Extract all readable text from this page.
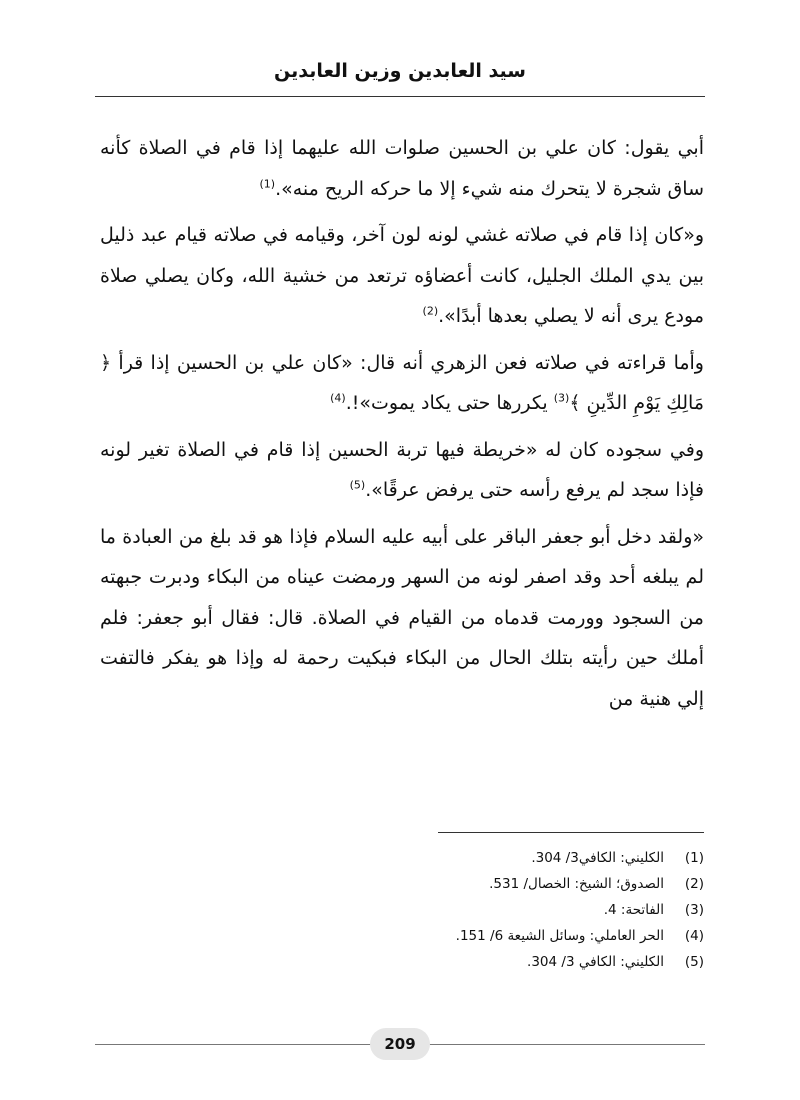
سيد العابدين وزين العابدين

أبي يقول: كان علي بن الحسين صلوات الله عليهما إذا قام في الصلاة كأنه ساق شجرة لا يتحرك منه شيء إلا ما حركه الريح منه».$^{(1)}$

و«كان إذا قام في صلاته غشي لونه لون آخر، وقيامه في صلاته قيام عبد ذليل بين يدي الملك الجليل، كانت أعضاؤه ترتعد من خشية الله، وكان يصلي صلاة مودع يرى أنه لا يصلي بعدها أبدًا».$^{(2)}$

وأما قراءته في صلاته فعن الزهري أنه قال: «كان علي بن الحسين إذا قرأ ﴿ مَالِكِ يَوْمِ الدِّينِ ﴾$^{(3)}$ يكررها حتى يكاد يموت»!.$^{(4)}$

وفي سجوده كان له «خريطة فيها تربة الحسين إذا قام في الصلاة تغير لونه فإذا سجد لم يرفع رأسه حتى يرفض عرقًا».$^{(5)}$

«ولقد دخل أبو جعفر الباقر على أبيه عليه السلام فإذا هو قد بلغ من العبادة ما لم يبلغه أحد وقد اصفر لونه من السهر ورمضت عيناه من البكاء ودبرت جبهته من السجود وورمت قدماه من القيام في الصلاة. قال: فقال أبو جعفر: فلم أملك حين رأيته بتلك الحال من البكاء فبكيت رحمة له وإذا هو يفكر فالتفت إلي هنية من

(1)
الكليني: الكافي3/ 304.
(2)
الصدوق؛ الشيخ: الخصال/ 531.
(3)
الفاتحة: 4.
(4)
الحر العاملي: وسائل الشيعة 6/ 151.
(5)
الكليني: الكافي 3/ 304.
209
